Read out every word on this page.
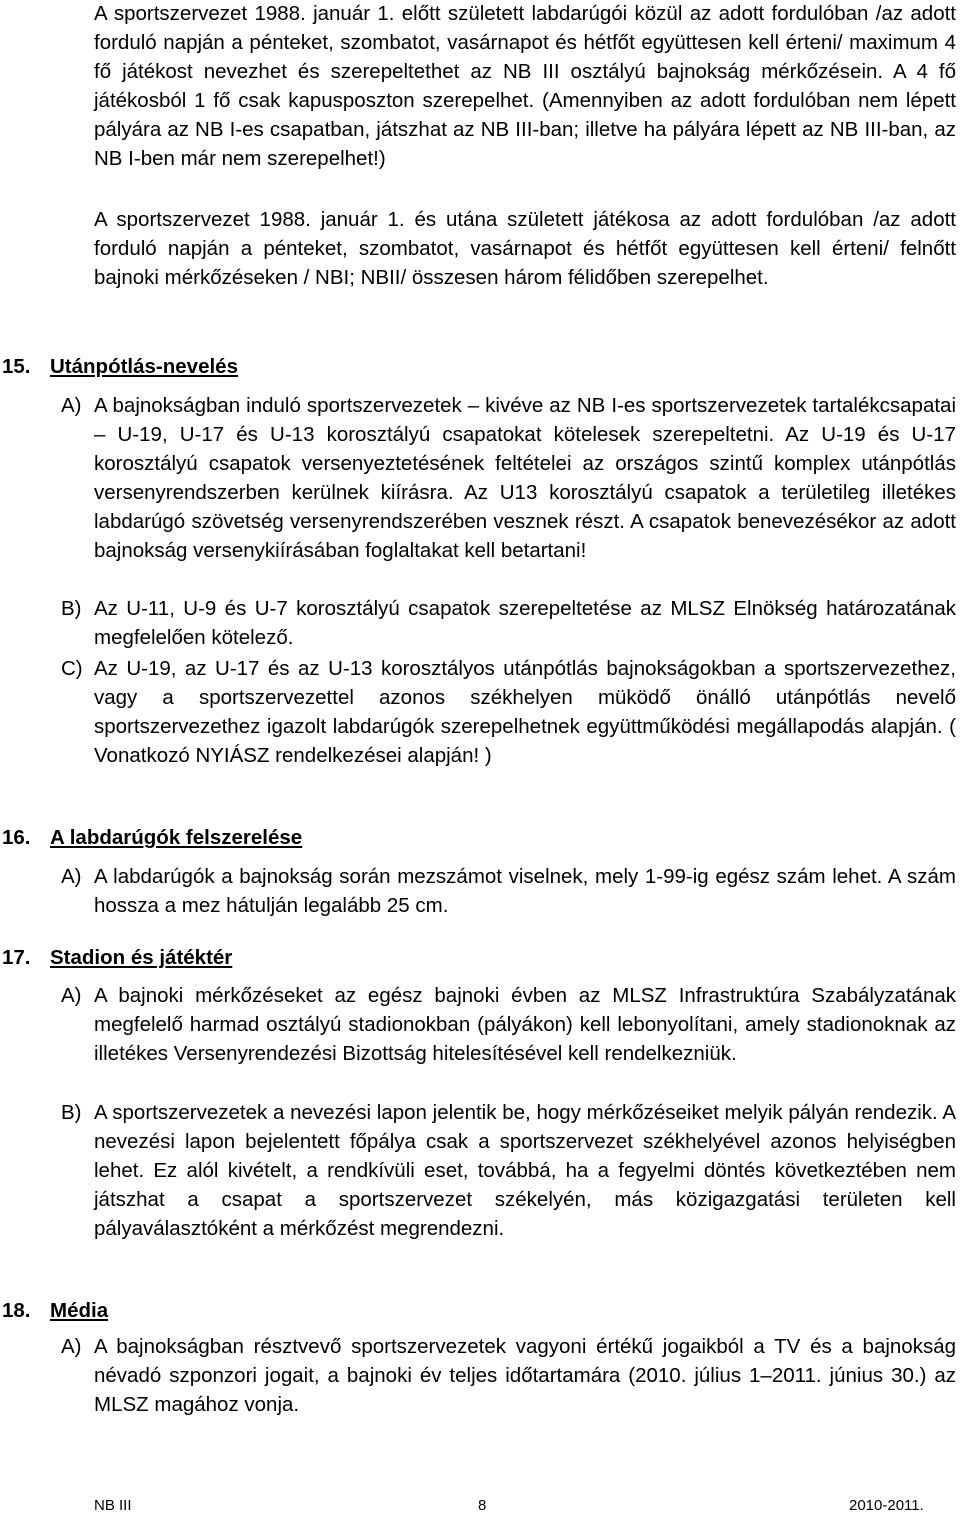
A sportszervezet 1988. január 1. előtt született labdarúgói közül az adott fordulóban /az adott forduló napján a pénteket, szombatot, vasárnapot és hétfőt együttesen kell érteni/ maximum 4 fő játékost nevezhet és szerepeltethet az NB III osztályú bajnokság mérkőzésein. A 4 fő játékosból 1 fő csak kapusposzton szerepelhet. (Amennyiben az adott fordulóban nem lépett pályára az NB I-es csapatban, játszhat az NB III-ban; illetve ha pályára lépett az NB III-ban, az NB I-ben már nem szerepelhet!)

A sportszervezet 1988. január 1. és utána született játékosa az adott fordulóban /az adott forduló napján a pénteket, szombatot, vasárnapot és hétfőt együttesen kell érteni/ felnőtt bajnoki mérkőzéseken / NBI; NBII/ összesen három félidőben szerepelhet.

15. Utánpótlás-nevelés
A) A bajnokságban induló sportszervezetek – kivéve az NB I-es sportszervezetek tartalékcsapatai – U-19, U-17 és U-13 korosztályú csapatokat kötelesek szerepeltetni. Az U-19 és U-17 korosztályú csapatok versenyeztetésének feltételei az országos szintű komplex utánpótlás versenyrendszerben kerülnek kiírásra. Az U13 korosztályú csapatok a területileg illetékes labdarúgó szövetség versenyrendszerében vesznek részt. A csapatok benevezésékor az adott bajnokság versenykiírásában foglaltakat kell betartani!
B) Az U-11, U-9 és U-7 korosztályú csapatok szerepeltetése az MLSZ Elnökség határozatának megfelelően kötelező.
C) Az U-19, az U-17 és az U-13 korosztályos utánpótlás bajnokságokban a sportszervezethez, vagy a sportszervezettel azonos székhelyen müködő önálló utánpótlás nevelő sportszervezethez igazolt labdarúgók szerepelhetnek együttműködési megállapodás alapján. ( Vonatkozó NYIÁSZ rendelkezései alapján! )
16. A labdarúgók felszerelése
A) A labdarúgók a bajnokság során mezszámot viselnek, mely 1-99-ig egész szám lehet. A szám hossza a mez hátulján legalább 25 cm.
17. Stadion és játéktér
A) A bajnoki mérkőzéseket az egész bajnoki évben az MLSZ Infrastruktúra Szabályzatának megfelelő harmad osztályú stadionokban (pályákon) kell lebonyolítani, amely stadionoknak az illetékes Versenyrendezési Bizottság hitelesítésével kell rendelkezniük.
B) A sportszervezetek a nevezési lapon jelentik be, hogy mérkőzéseiket melyik pályán rendezik. A nevezési lapon bejelentett főpálya csak a sportszervezet székhelyével azonos helyiségben lehet. Ez alól kivételt, a rendkívüli eset, továbbá, ha a fegyelmi döntés következtében nem játszhat a csapat a sportszervezet székelyén, más közigazgatási területen kell pályaválasztóként a mérkőzést megrendezni.
18. Média
A) A bajnokságban résztvevő sportszervezetek vagyoni értékű jogaikból a TV és a bajnokság névadó szponzori jogait, a bajnoki év teljes időtartamára (2010. július 1–2011. június 30.) az MLSZ magához vonja.
NB III	8	2010-2011.
